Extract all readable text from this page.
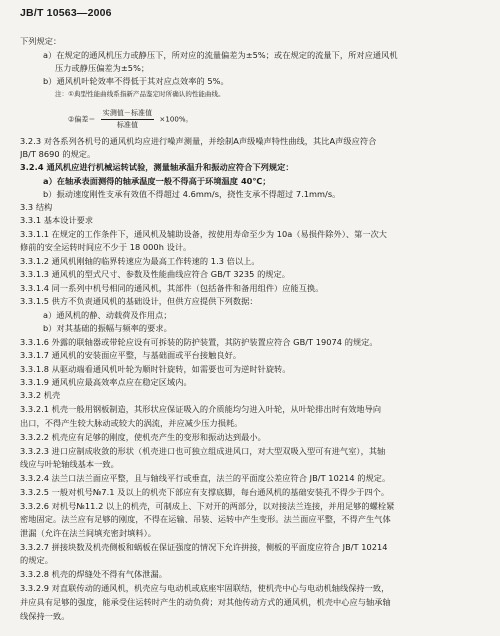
JB/T 10563—2006
下列规定：
a）在规定的通风机压力或静压下，所对应的流量偏差为±5%；或在规定的流量下，所对应通风机
压力或静压偏差为±5%；
b）通风机叶轮效率不得低于其对应点效率的 5%。
注：①典型性能曲线系指新产品鉴定时所确认的性能曲线。
3.2.3 对各系列各机号的通风机均应进行噪声测量，并绘制A声级噪声特性曲线，其比A声级应符合
JB/T 8690 的规定。
3.2.4 通风机应进行机械运转试验，测量轴承温升和振动应符合下列规定：
a）在轴承表面测得的轴承温度一般不得高于环境温度 40℃；
b）振动速度刚性支承有效值不得超过 4.6mm/s，挠性支承不得超过 7.1mm/s。
3.3 结构
3.3.1 基本设计要求
3.3.1.1 在规定的工作条件下，通风机及辅助设备，按使用寿命至少为 10a（易损件除外）、第一次大
修前的安全运转时间应不少于 18 000h 设计。
3.3.1.2 通风机刚轴的临界转速应为最高工作转速的 1.3 倍以上。
3.3.1.3 通风机的型式尺寸、参数及性能曲线应符合 GB/T 3235 的规定。
3.3.1.4 同一系列中机号相同的通风机，其部件（包括备件和备用组件）应能互换。
3.3.1.5 供方不负责通风机的基础设计，但供方应提供下列数据：
a）通风机的静、动载荷及作用点；
b）对其基础的振幅与频率的要求。
3.3.1.6 外露的联轴器或带轮应设有可拆装的防护装置，其防护装置应符合 GB/T 19074 的规定。
3.3.1.7 通风机的安装面应平整，与基础面或平台接触良好。
3.3.1.8 从驱动端看通风机叶轮为顺时针旋转，如需要也可为逆时针旋转。
3.3.1.9 通风机应最高效率点应在稳定区域内。
3.3.2 机壳
3.3.2.1 机壳一般用钢板制造，其形状应保证吸入的介质能均匀进入叶轮，从叶轮排出时有效地导向
出口，不得产生较大脉动或较大的涡流，并应减少压力损耗。
3.3.2.2 机壳应有足够的刚度，使机壳产生的变形和振动达到最小。
3.3.2.3 进口应制成收敛的形状（机壳进口也可独立组成进风口，对大型双吸入型可有进气室），其轴
线应与叶轮轴线基本一致。
3.3.2.4 法兰口法兰面应平整，且与轴线平行或垂直，法兰的平面度公差应符合 JB/T 10214 的规定。
3.3.2.5 一般对机号№7.1 及以上的机壳下部应有支撑底脚，每台通风机的基础安装孔不得少于四个。
3.3.2.6 对机号№11.2 以上的机壳，可制成上、下对开的两部分，以对接法兰连接，并用足够的螺栓紧
密地固定。法兰应有足够的刚度，不得在运输、吊装、运转中产生变形。法兰面应平整，不得产生气体
泄漏（允许在法兰间填充密封填料）。
3.3.2.7 拼接块数及机壳侧板和蜗板在保证强度的情况下允许拼接，侧板的平面度应符合 JB/T 10214
的规定。
3.3.2.8 机壳的焊缝处不得有气体泄漏。
3.3.2.9 对直联传动的通风机，机壳应与电动机或底座牢固联结，使机壳中心与电动机轴线保持一致，
并应具有足够的强度，能承受住运转时产生的动负荷；对其他传动方式的通风机，机壳中心应与轴承轴
线保持一致。
②偏差＝ $\frac{\text{实测值－标准值}}{\text{标准值}} \times 100\%$。
